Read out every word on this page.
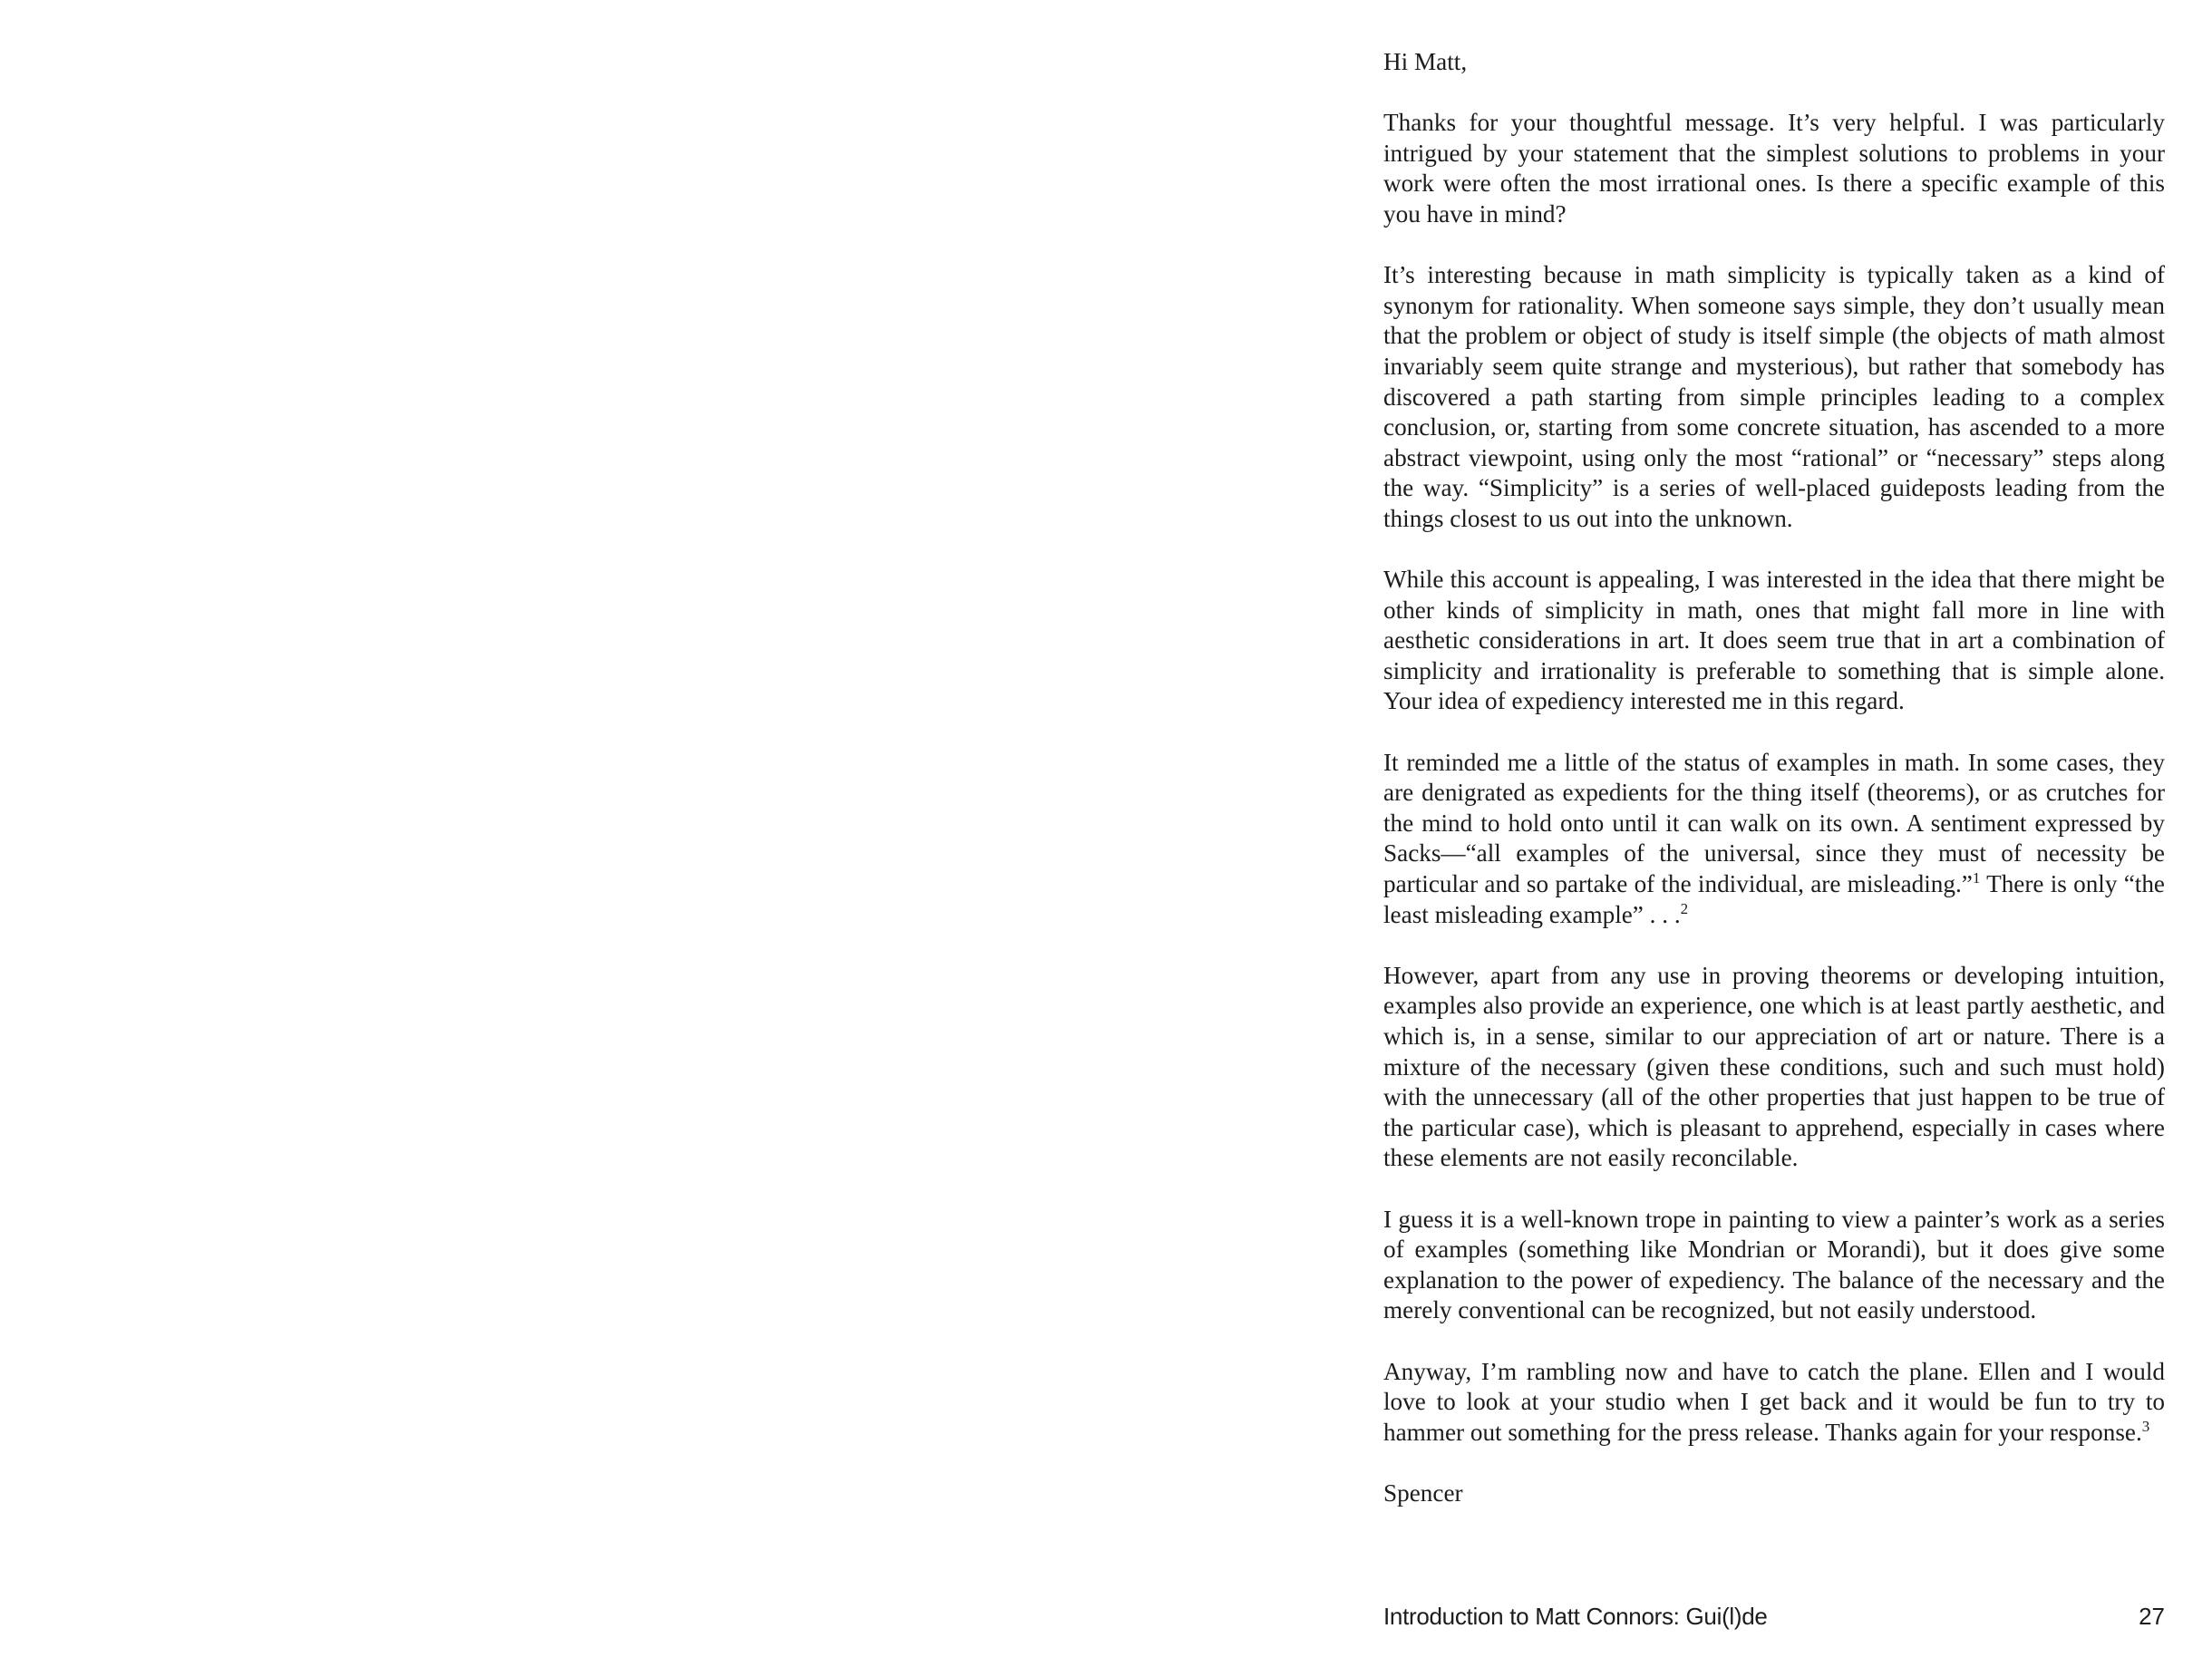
Hi Matt,

Thanks for your thoughtful message. It’s very helpful. I was particularly intrigued by your statement that the simplest solutions to problems in your work were often the most irrational ones. Is there a specific example of this you have in mind?

It’s interesting because in math simplicity is typically taken as a kind of synonym for rationality. When someone says simple, they don’t usually mean that the problem or object of study is itself simple (the objects of math almost invariably seem quite strange and mysterious), but rather that somebody has discovered a path starting from simple principles leading to a complex conclusion, or, starting from some concrete situation, has ascended to a more abstract viewpoint, using only the most “rational” or “necessary” steps along the way. “Simplicity” is a series of well-placed guideposts leading from the things closest to us out into the unknown.

While this account is appealing, I was interested in the idea that there might be other kinds of simplicity in math, ones that might fall more in line with aesthetic considerations in art. It does seem true that in art a combination of simplicity and irrationality is preferable to something that is simple alone. Your idea of expediency interested me in this regard.

It reminded me a little of the status of examples in math. In some cases, they are denigrated as expedients for the thing itself (theorems), or as crutches for the mind to hold onto until it can walk on its own. A sentiment expressed by Sacks—“all examples of the universal, since they must of necessity be particular and so partake of the individual, are misleading.”$^1$ There is only “the least misleading example” . . .$^2$

However, apart from any use in proving theorems or developing intuition, examples also provide an experience, one which is at least partly aesthetic, and which is, in a sense, similar to our appreciation of art or nature. There is a mixture of the necessary (given these conditions, such and such must hold) with the unnecessary (all of the other properties that just happen to be true of the particular case), which is pleasant to apprehend, especially in cases where these elements are not easily reconcilable.

I guess it is a well-known trope in painting to view a painter’s work as a series of examples (something like Mondrian or Morandi), but it does give some explanation to the power of expediency. The balance of the necessary and the merely conventional can be recognized, but not easily understood.

Anyway, I’m rambling now and have to catch the plane. Ellen and I would love to look at your studio when I get back and it would be fun to try to hammer out something for the press release. Thanks again for your response.$^3$

Spencer

Introduction to Matt Connors: Gui(l)de	27
